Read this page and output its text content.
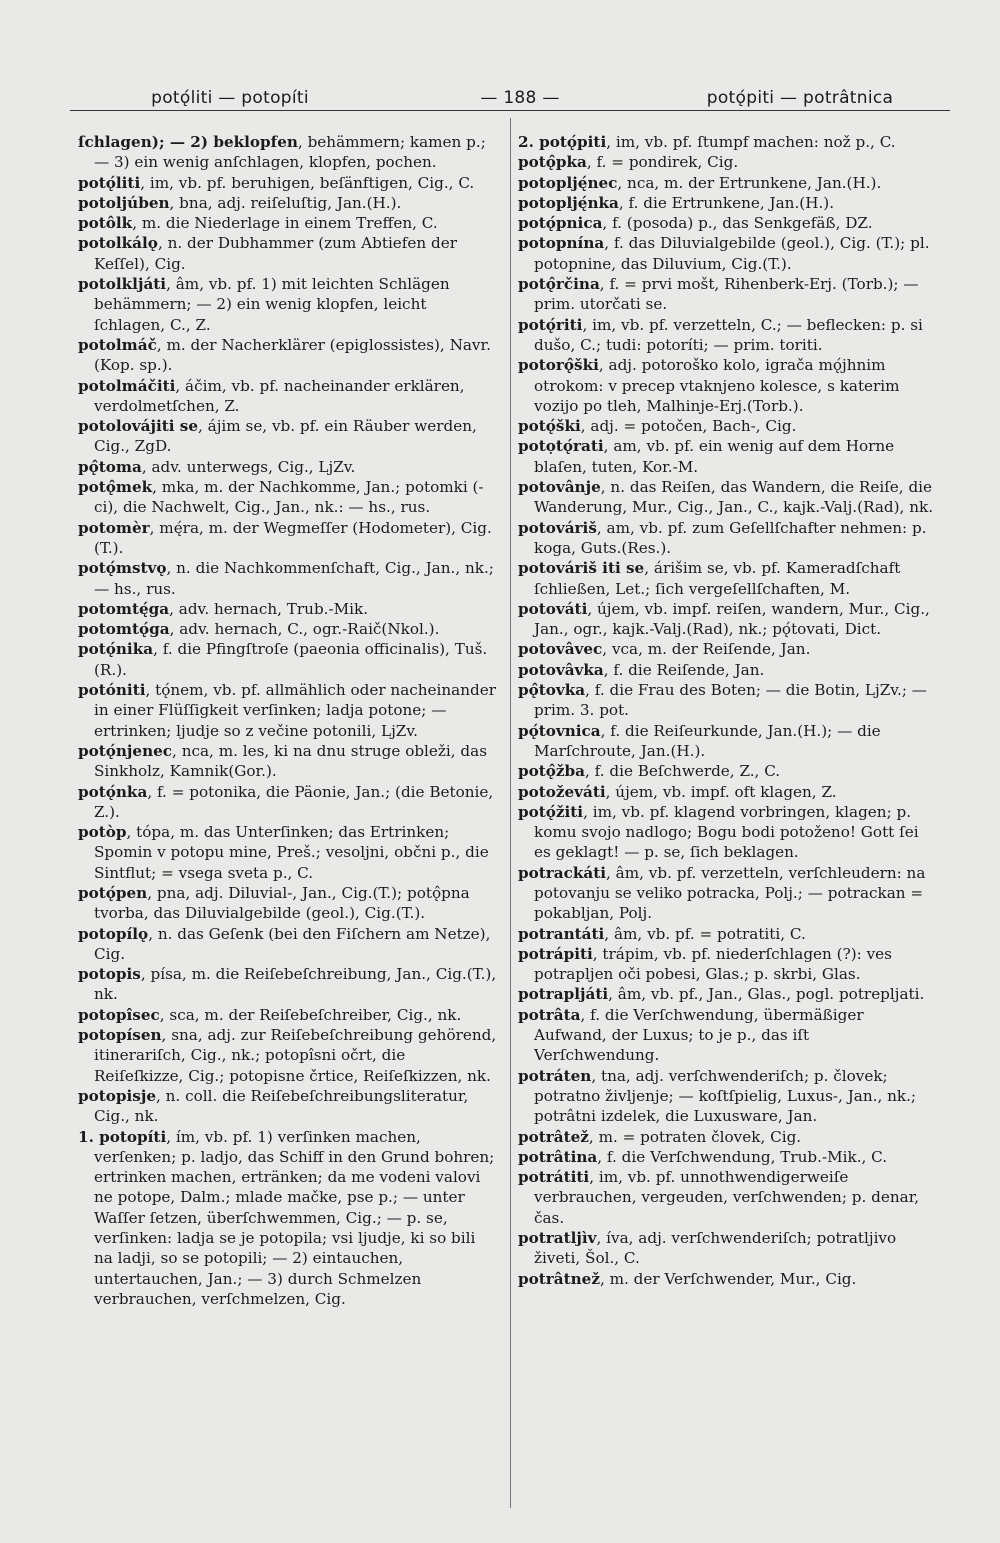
potǫ́liti — potopíti	— 188 —	potǫ́piti — potrâtnica

ſchlagen); — 2) beklopfen, behämmern; kamen p.; — 3) ein wenig anſchlagen, klopfen, pochen.

potǫ́liti, im, vb. pf. beruhigen, beſänftigen, Cig., C.

potoljúben, bna, adj. reiſeluſtig, Jan.(H.).

potôlk, m. die Niederlage in einem Treffen, C.

potolkálǫ, n. der Dubhammer (zum Abtiefen der Keſſel), Cig.

potolkljáti, âm, vb. pf. 1) mit leichten Schlägen behämmern; — 2) ein wenig klopfen, leicht ſchlagen, C., Z.

potolmáč, m. der Nacherklärer (epiglossistes), Navr.(Kop. sp.).

potolmáčiti, áčim, vb. pf. nacheinander erklären, verdolmetſchen, Z.

potolovájiti se, ájim se, vb. pf. ein Räuber werden, Cig., ZgD.

pǫ̂toma, adv. unterwegs, Cig., LjZv.

potǫ̂mek, mka, m. der Nachkomme, Jan.; potomki (-ci), die Nachwelt, Cig., Jan., nk.: — hs., rus.

potomèr, mę́ra, m. der Wegmeſſer (Hodometer), Cig.(T.).

potǫ́mstvǫ, n. die Nachkommenſchaft, Cig., Jan., nk.; — hs., rus.

potomtę́ga, adv. hernach, Trub.-Mik.

potomtǫ́ga, adv. hernach, C., ogr.-Raič(Nkol.).

potǫ́nika, f. die Pfingſtroſe (paeonia officinalis), Tuš.(R.).

potóniti, tǫ́nem, vb. pf. allmählich oder nacheinander in einer Flüſſigkeit verſinken; ladja potone; — ertrinken; ljudje so z večine potonili, LjZv.

potǫ́njenec, nca, m. les, ki na dnu struge obleži, das Sinkholz, Kamnik(Gor.).

potǫ́nka, f. = potonika, die Päonie, Jan.; (die Betonie, Z.).

potòp, tópa, m. das Unterſinken; das Ertrinken; Spomin v potopu mine, Preš.; vesoljni, občni p., die Sintflut; = vsega sveta p., C.

potǫ́pen, pna, adj. Diluvial-, Jan., Cig.(T.); potǫ̂pna tvorba, das Diluvialgebilde (geol.), Cig.(T.).

potopílǫ, n. das Geſenk (bei den Fiſchern am Netze), Cig.

potopis, písa, m. die Reiſebeſchreibung, Jan., Cig.(T.), nk.

potopîsec, sca, m. der Reiſebeſchreiber, Cig., nk.

potopísen, sna, adj. zur Reiſebeſchreibung gehörend, itinerariſch, Cig., nk.; potopîsni očrt, die Reiſeſkizze, Cig.; potopisne črtice, Reiſeſkizzen, nk.

potopisje, n. coll. die Reiſebeſchreibungsliteratur, Cig., nk.

1. potopíti, ím, vb. pf. 1) verſinken machen, verſenken; p. ladjo, das Schiff in den Grund bohren; ertrinken machen, ertränken; da me vodeni valovi ne potope, Dalm.; mlade mačke, pse p.; — unter Waſſer ſetzen, überſchwemmen, Cig.; — p. se, verſinken: ladja se je potopila; vsi ljudje, ki so bili na ladji, so se potopili; — 2) eintauchen, untertauchen, Jan.; — 3) durch Schmelzen verbrauchen, verſchmelzen, Cig.

2. potǫ́piti, im, vb. pf. ſtumpf machen: nož p., C.

potǫ̂pka, f. = pondirek, Cig.

potoplję́nec, nca, m. der Ertrunkene, Jan.(H.).

potoplję́nka, f. die Ertrunkene, Jan.(H.).

potǫ́pnica, f. (posoda) p., das Senkgefäß, DZ.

potopnína, f. das Diluvialgebilde (geol.), Cig. (T.); pl. potopnine, das Diluvium, Cig.(T.).

potǫ̂rčina, f. = prvi mošt, Rihenberk-Erj. (Torb.); — prim. utorčati se.

potǫ́riti, im, vb. pf. verzetteln, C.; — beflecken: p. si dušo, C.; tudi: potoríti; — prim. toriti.

potorǫ̂ški, adj. potoroško kolo, igrača mǫ́jhnim otrokom: v precep vtaknjeno kolesce, s katerim vozijo po tleh, Malhinje-Erj.(Torb.).

potǫ́ški, adj. = potočen, Bach-, Cig.

potọtǫ́rati, am, vb. pf. ein wenig auf dem Horne blaſen, tuten, Kor.-M.

potovânje, n. das Reiſen, das Wandern, die Reiſe, die Wanderung, Mur., Cig., Jan., C., kajk.-Valj.(Rad), nk.

potováriš, am, vb. pf. zum Geſellſchafter nehmen: p. koga, Guts.(Res.).

potováriš iti se, árišim se, vb. pf. Kameradſchaft ſchließen, Let.; ſich vergeſellſchaften, M.

potováti, újem, vb. impf. reiſen, wandern, Mur., Cig., Jan., ogr., kajk.-Valj.(Rad), nk.; pǫ́tovati, Dict.

potovâvec, vca, m. der Reiſende, Jan.

potovâvka, f. die Reiſende, Jan.

pǫ̂tovka, f. die Frau des Boten; — die Botin, LjZv.; — prim. 3. pot.

pǫ́tovnica, f. die Reiſeurkunde, Jan.(H.); — die Marſchroute, Jan.(H.).

potǫ̂žba, f. die Beſchwerde, Z., C.

potoževáti, újem, vb. impf. oft klagen, Z.

potǫ́žiti, im, vb. pf. klagend vorbringen, klagen; p. komu svojo nadlogo; Bogu bodi potoženo! Gott ſei es geklagt! — p. se, ſich beklagen.

potrackáti, âm, vb. pf. verzetteln, verſchleudern: na potovanju se veliko potracka, Polj.; — potrackan = pokabljan, Polj.

potrantáti, âm, vb. pf. = potratiti, C.

potrápiti, trápim, vb. pf. niederſchlagen (?): ves potrapljen oči pobesi, Glas.; p. skrbi, Glas.

potrapljáti, âm, vb. pf., Jan., Glas., pogl. potrepljati.

potrâta, f. die Verſchwendung, übermäßiger Aufwand, der Luxus; to je p., das iſt Verſchwendung.

potráten, tna, adj. verſchwenderiſch; p. človek; potratno življenje; — koſtſpielig, Luxus-, Jan., nk.; potrâtni izdelek, die Luxusware, Jan.

potrâtež, m. = potraten človek, Cig.

potrâtina, f. die Verſchwendung, Trub.-Mik., C.

potrátiti, im, vb. pf. unnothwendigerweiſe verbrauchen, vergeuden, verſchwenden; p. denar, čas.

potratljìv, íva, adj. verſchwenderiſch; potratljivo živeti, Šol., C.

potrâtnež, m. der Verſchwender, Mur., Cig.
